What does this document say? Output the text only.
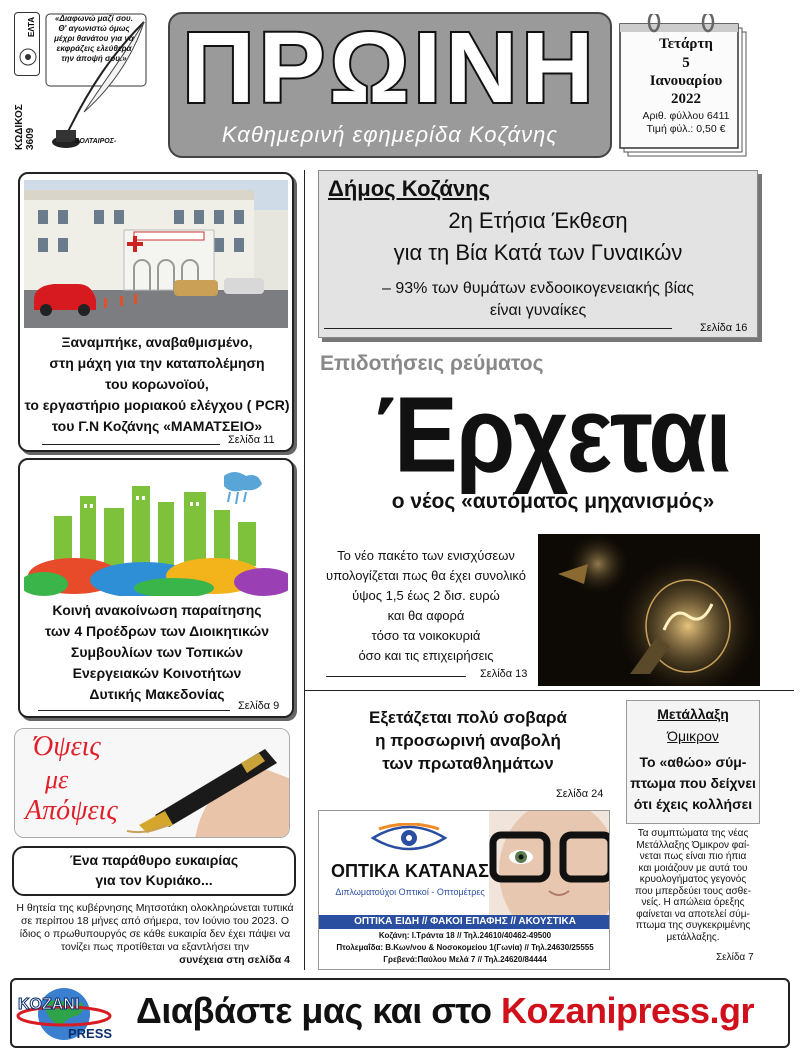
ΕΛΤΑ
ΚΩΔΙΚΟΣ 3609
«Διαφωνώ μαζί σου. Θ' αγωνιστώ όμως μέχρι θανάτου για να εκφράζεις ελεύθερα την άποψή σου.»
-ΒΟΛΤΑΙΡΟΣ-
ΠΡΩΙΝΗ
Καθημερινή εφημερίδα Κοζάνης
Τετάρτη
5
Ιανουαρίου
2022
Αριθ. φύλλου 6411
Τιμή φύλ.: 0,50 €
Ξαναμπήκε, αναβαθμισμένο,
στη μάχη για την καταπολέμηση
του κορωνοϊού,
το εργαστήριο μοριακού ελέγχου ( PCR)
του Γ.Ν Κοζάνης «ΜΑΜΑΤΣΕΙΟ»
Σελίδα 11
Κοινή ανακοίνωση παραίτησης
των 4 Προέδρων των Διοικητικών
Συμβουλίων των Τοπικών
Ενεργειακών Κοινοτήτων
Δυτικής Μακεδονίας
Σελίδα 9
Όψεις
με
Απόψεις
Ένα παράθυρο ευκαιρίας
για τον Κυριάκο...
Η θητεία της κυβέρνησης Μητσοτάκη ολοκληρώνεται τυπικά σε περίπου 18 μήνες από σήμερα, τον Ιούνιο του 2023. Ο ίδιος ο πρωθυπουργός σε κάθε ευκαιρία δεν έχει πάψει να τονίζει πως προτίθεται να εξαντλήσει την
συνέχεια στη σελίδα 4
Δήμος Κοζάνης
2η Ετήσια Έκθεση
για τη Βία Κατά των Γυναικών
– 93% των θυμάτων ενδοοικογενειακής βίας
είναι γυναίκες
Σελίδα 16
Επιδοτήσεις ρεύματος
Έρχεται
ο νέος «αυτόματος μηχανισμός»
Το νέο πακέτο των ενισχύσεων
υπολογίζεται πως θα έχει συνολικό
ύψος 1,5 έως 2 δισ. ευρώ
και θα αφορά
τόσο τα νοικοκυριά
όσο και τις επιχειρήσεις
Σελίδα 13
Εξετάζεται πολύ σοβαρά
η προσωρινή αναβολή
των πρωταθλημάτων
Σελίδα 24
ΟΠΤΙΚΑ ΚΑΤΑΝΑΣ
Διπλωματούχοι Οπτικοί - Οπτομέτρες
ΟΠΤΙΚΑ ΕΙΔΗ // ΦΑΚΟΙ ΕΠΑΦΗΣ // ΑΚΟΥΣΤΙΚΑ
Κοζάνη: Ι.Τράντα 18 // Τηλ.24610/40462-49500
Πτολεμαΐδα: Β.Κων/νου & Νοσοκομείου 1(Γωνία) // Τηλ.24630/25555
Γρεβενά:Παύλου Μελά 7 // Τηλ.24620/84444
Μετάλλαξη
Όμικρον
Το «αθώο» σύμ-
πτωμα που δείχνει
ότι έχεις κολλήσει
Τα συμπτώματα της νέας
Μετάλλαξης Όμικρον φαί-
νεται πως είναι πιο ήπια
και μοιάζουν με αυτά του
κρυολογήματος γεγονός
που μπερδεύει τους ασθε-
νείς. Η απώλεια όρεξης
φαίνεται να αποτελεί σύμ-
πτωμα της συγκεκριμένης
μετάλλαξης.
Σελίδα 7
KOZANI
PRESS
Διαβάστε μας και στο Kozanipress.gr
